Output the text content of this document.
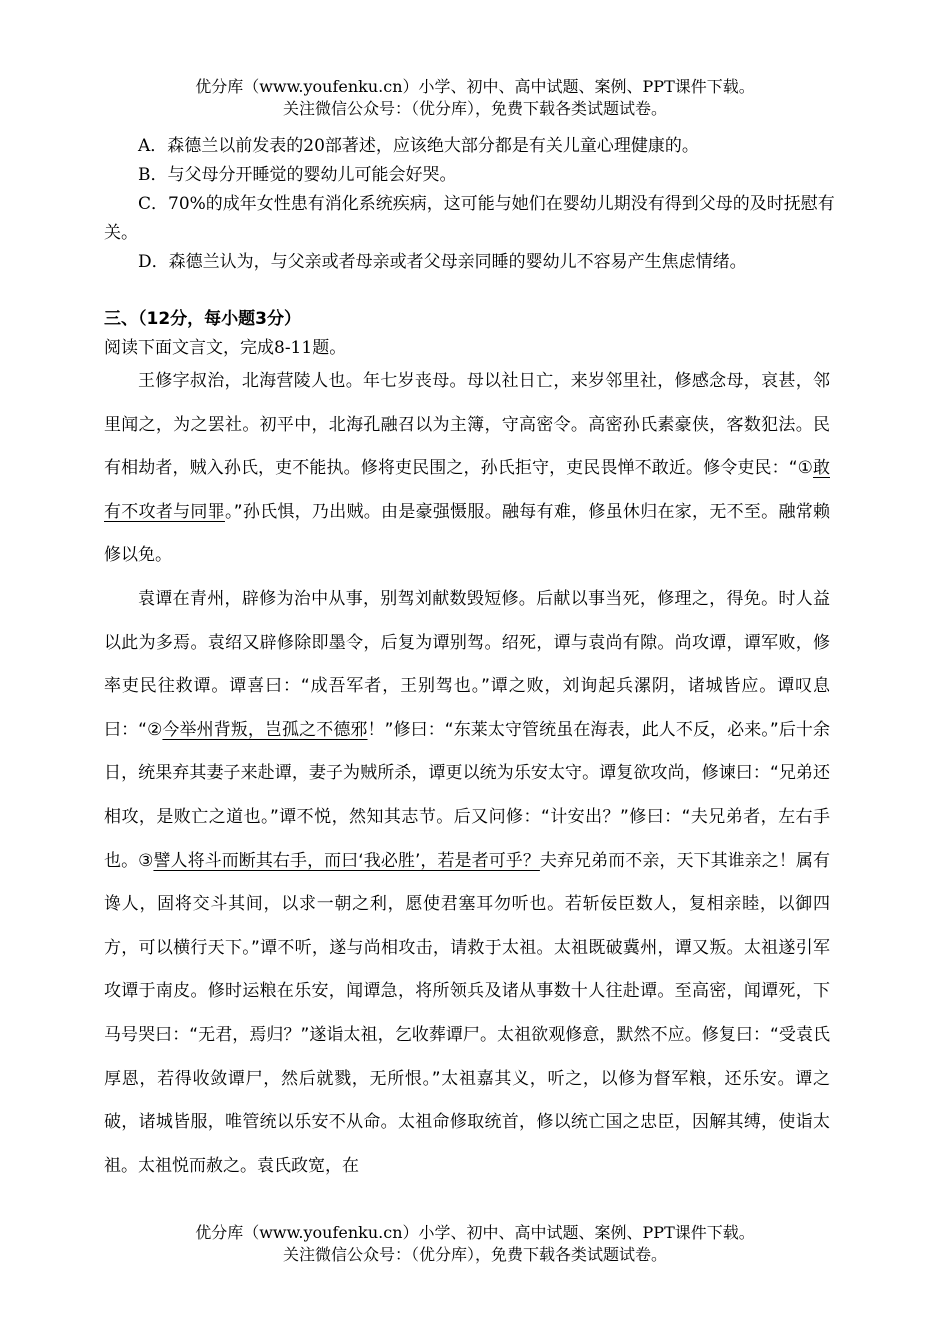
优分库（www.youfenku.cn）小学、初中、高中试题、案例、PPT课件下载。
关注微信公众号：（优分库），免费下载各类试题试卷。

A．森德兰以前发表的20部著述，应该绝大部分都是有关儿童心理健康的。

B．与父母分开睡觉的婴幼儿可能会好哭。

C．70%的成年女性患有消化系统疾病，这可能与她们在婴幼儿期没有得到父母的及时抚慰有关。

D．森德兰认为，与父亲或者母亲或者父母亲同睡的婴幼儿不容易产生焦虑情绪。

三、（12分，每小题3分）
阅读下面文言文，完成8-11题。

王修字叔治，北海营陵人也。年七岁丧母。母以社日亡，来岁邻里社，修感念母，哀甚，邻里闻之，为之罢社。初平中，北海孔融召以为主簿，守高密令。高密孙氏素豪侠，客数犯法。民有相劫者，贼入孙氏，吏不能执。修将吏民围之，孙氏拒守，吏民畏惮不敢近。修令吏民：“①敢有不攻者与同罪。”孙氏惧，乃出贼。由是豪强慑服。融每有难，修虽休归在家，无不至。融常赖修以免。

袁谭在青州，辟修为治中从事，别驾刘献数毁短修。后献以事当死，修理之，得免。时人益以此为多焉。袁绍又辟修除即墨令，后复为谭别驾。绍死，谭与袁尚有隙。尚攻谭，谭军败，修率吏民往救谭。谭喜曰：“成吾军者，王别驾也。”谭之败，刘询起兵漯阴，诸城皆应。谭叹息曰：“②今举州背叛，岂孤之不德邪！”修曰：“东莱太守管统虽在海表，此人不反，必来。”后十余日，统果弃其妻子来赴谭，妻子为贼所杀，谭更以统为乐安太守。谭复欲攻尚，修谏曰：“兄弟还相攻，是败亡之道也。”谭不悦，然知其志节。后又问修：“计安出？”修曰：“夫兄弟者，左右手也。③譬人将斗而断其右手，而曰‘我必胜’，若是者可乎？夫弃兄弟而不亲，天下其谁亲之！属有谗人，固将交斗其间，以求一朝之利，愿使君塞耳勿听也。若斩佞臣数人，复相亲睦，以御四方，可以横行天下。”谭不听，遂与尚相攻击，请救于太祖。太祖既破冀州，谭又叛。太祖遂引军攻谭于南皮。修时运粮在乐安，闻谭急，将所领兵及诸从事数十人往赴谭。至高密，闻谭死，下马号哭曰：“无君，焉归？”遂诣太祖，乞收葬谭尸。太祖欲观修意，默然不应。修复曰：“受袁氏厚恩，若得收敛谭尸，然后就戮，无所恨。”太祖嘉其义，听之，以修为督军粮，还乐安。谭之破，诸城皆服，唯管统以乐安不从命。太祖命修取统首，修以统亡国之忠臣，因解其缚，使诣太祖。太祖悦而赦之。袁氏政宽，在

优分库（www.youfenku.cn）小学、初中、高中试题、案例、PPT课件下载。
关注微信公众号：（优分库），免费下载各类试题试卷。
